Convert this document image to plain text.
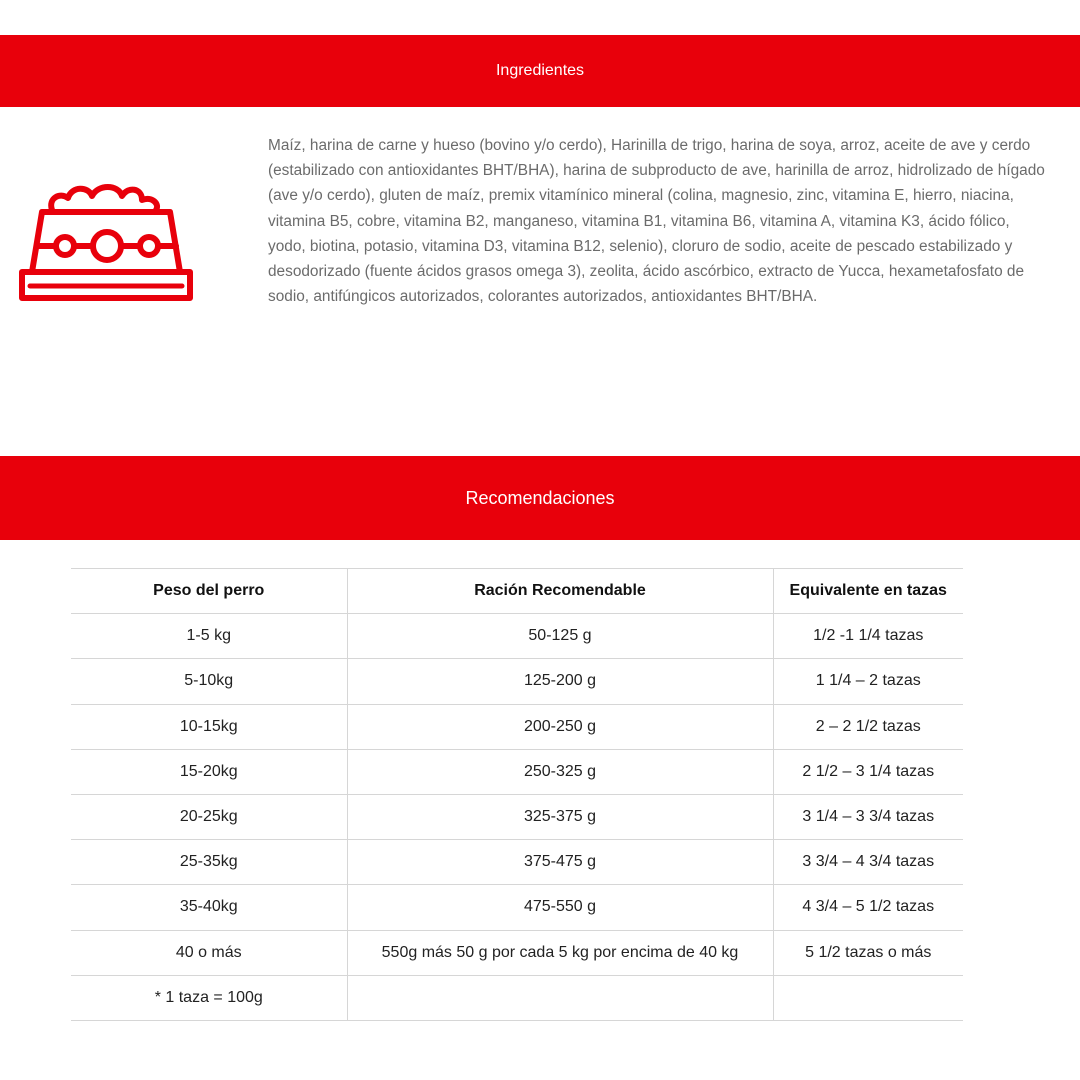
Ingredientes
Maíz, harina de carne y hueso (bovino y/o cerdo), Harinilla de trigo, harina de soya, arroz, aceite de ave y cerdo (estabilizado con antioxidantes BHT/BHA), harina de subproducto de ave, harinilla de arroz, hidrolizado de hígado (ave y/o cerdo), gluten de maíz, premix vitamínico mineral (colina, magnesio, zinc, vitamina E, hierro, niacina, vitamina B5, cobre, vitamina B2, manganeso, vitamina B1, vitamina B6, vitamina A, vitamina K3, ácido fólico, yodo, biotina, potasio, vitamina D3, vitamina B12, selenio), cloruro de sodio, aceite de pescado estabilizado y desodorizado (fuente ácidos grasos omega 3), zeolita, ácido ascórbico, extracto de Yucca, hexametafosfato de sodio, antifúngicos autorizados, colorantes autorizados, antioxidantes BHT/BHA.
Recomendaciones
Peso del perro	Ración Recomendable	Equivalente en tazas
1-5 kg	50-125 g	1/2 -1 1/4 tazas
5-10kg	125-200 g	1 1/4 – 2 tazas
10-15kg	200-250 g	2 – 2 1/2 tazas
15-20kg	250-325 g	2 1/2 – 3 1/4 tazas
20-25kg	325-375 g	3 1/4 – 3 3/4 tazas
25-35kg	375-475 g	3 3/4 – 4 3/4 tazas
35-40kg	475-550 g	4 3/4 – 5 1/2 tazas
40 o más	550g más 50 g por cada 5 kg por encima de 40 kg	5 1/2 tazas o más
* 1 taza = 100g		
